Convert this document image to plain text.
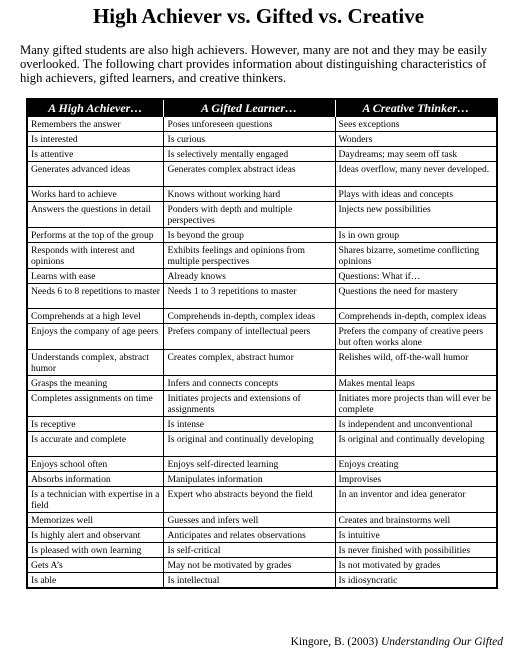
High Achiever vs. Gifted vs. Creative
Many gifted students are also high achievers. However, many are not and they may be easily overlooked. The following chart provides information about distinguishing characteristics of high achievers, gifted learners, and creative thinkers.
A High Achiever…	A Gifted Learner…	A Creative Thinker…
Remembers the answer	Poses unforeseen questions	Sees exceptions
Is interested	Is curious	Wonders
Is attentive	Is selectively mentally engaged	Daydreams; may seem off task
Generates advanced ideas	Generates complex abstract ideas	Ideas overflow, many never developed.
Works hard to achieve	Knows without working hard	Plays with ideas and concepts
Answers the questions in detail	Ponders with depth and multiple perspectives	Injects new possibilities
Performs at the top of the group	Is beyond the group	Is in own group
Responds with interest and opinions	Exhibits feelings and opinions from multiple perspectives	Shares bizarre, sometime conflicting opinions
Learns with ease	Already knows	Questions: What if…
Needs 6 to 8 repetitions to master	Needs 1 to 3 repetitions to master	Questions the need for mastery
Comprehends at a high level	Comprehends in-depth, complex ideas	Comprehends in-depth, complex ideas
Enjoys the company of age peers	Prefers company of intellectual peers	Prefers the company of creative peers but often works alone
Understands complex, abstract humor	Creates complex, abstract humor	Relishes wild, off-the-wall humor
Grasps the meaning	Infers and connects concepts	Makes mental leaps
Completes assignments on time	Initiates projects and extensions of assignments	Initiates more projects than will ever be complete
Is receptive	Is intense	Is independent and unconventional
Is accurate and complete	Is original and continually developing	Is original and continually developing
Enjoys school often	Enjoys self-directed learning	Enjoys creating
Absorbs information	Manipulates information	Improvises
Is a technician with expertise in a field	Expert who abstracts beyond the field	In an inventor and idea generator
Memorizes well	Guesses and infers well	Creates and brainstorms well
Is highly alert and observant	Anticipates and relates observations	Is intuitive
Is pleased with own learning	Is self-critical	Is never finished with possibilities
Gets A’s	May not be motivated by grades	Is not motivated by grades
Is able	Is intellectual	Is idiosyncratic
Kingore, B. (2003) Understanding Our Gifted
